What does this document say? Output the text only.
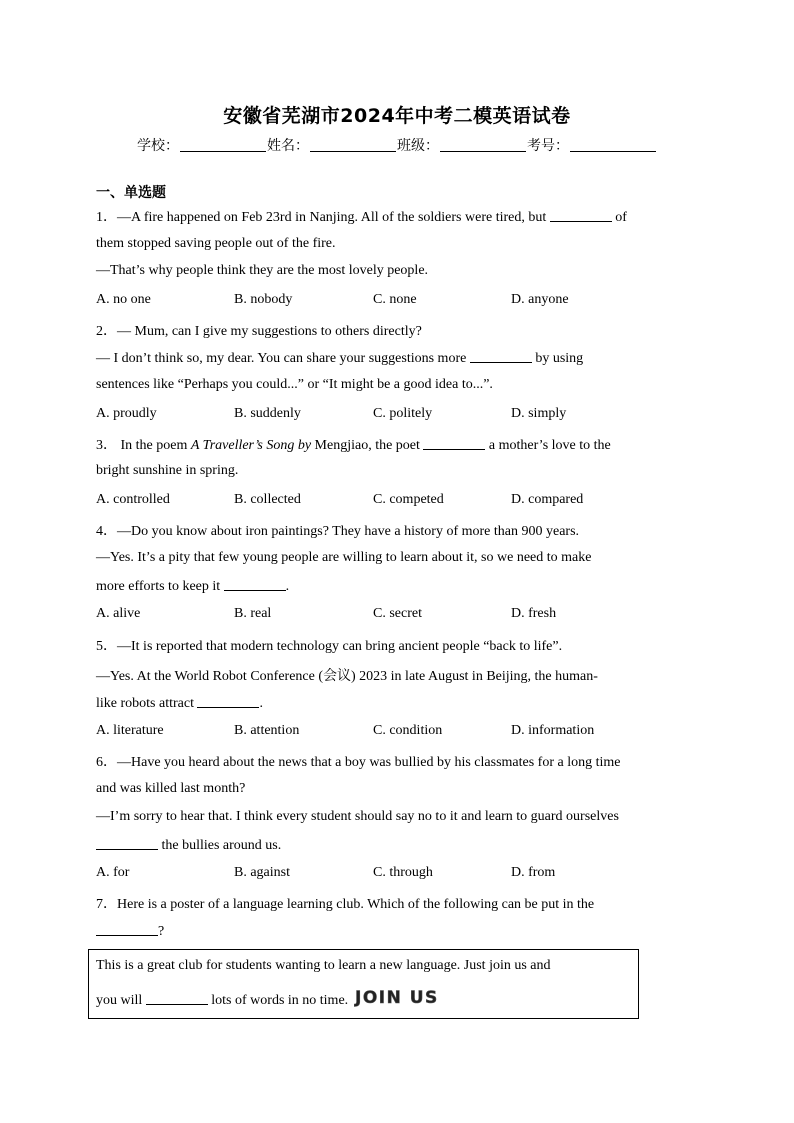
安徽省芜湖市2024年中考二模英语试卷
学校：	姓名：	班级：	考号：
一、单选题
1．—A fire happened on Feb 23rd in Nanjing. All of the soldiers were tired, but	of
them stopped saving people out of the fire.
—That’s why people think they are the most lovely people.
A. no one	B. nobody	C. none	D. anyone
2．— Mum, can I give my suggestions to others directly?
— I don’t think so, my dear. You can share your suggestions more	by using
sentences like “Perhaps you could...” or “It might be a good idea to...”.
A. proudly	B. suddenly	C. politely	D. simply
3． In the poem A Traveller’s Song by Mengjiao, the poet	a mother’s love to the
bright sunshine in spring.
A. controlled	B. collected	C. competed	D. compared
4．—Do you know about iron paintings? They have a history of more than 900 years.
—Yes. It’s a pity that few young people are willing to learn about it, so we need to make
more efforts to keep it	.
A. alive	B. real	C. secret	D. fresh
5．—It is reported that modern technology can bring ancient people “back to life”.
—Yes. At the World Robot Conference (会议) 2023 in late August in Beijing, the human-
like robots attract	.
A. literature	B. attention	C. condition	D. information
6．—Have you heard about the news that a boy was bullied by his classmates for a long time
and was killed last month?
—I’m sorry to hear that. I think every student should say no to it and learn to guard ourselves
the bullies around us.
A. for	B. against	C. through	D. from
7．Here is a poster of a language learning club. Which of the following can be put in the
?
This is a great club for students wanting to learn a new language. Just join us and
you will	lots of words in no time. JOIN US
